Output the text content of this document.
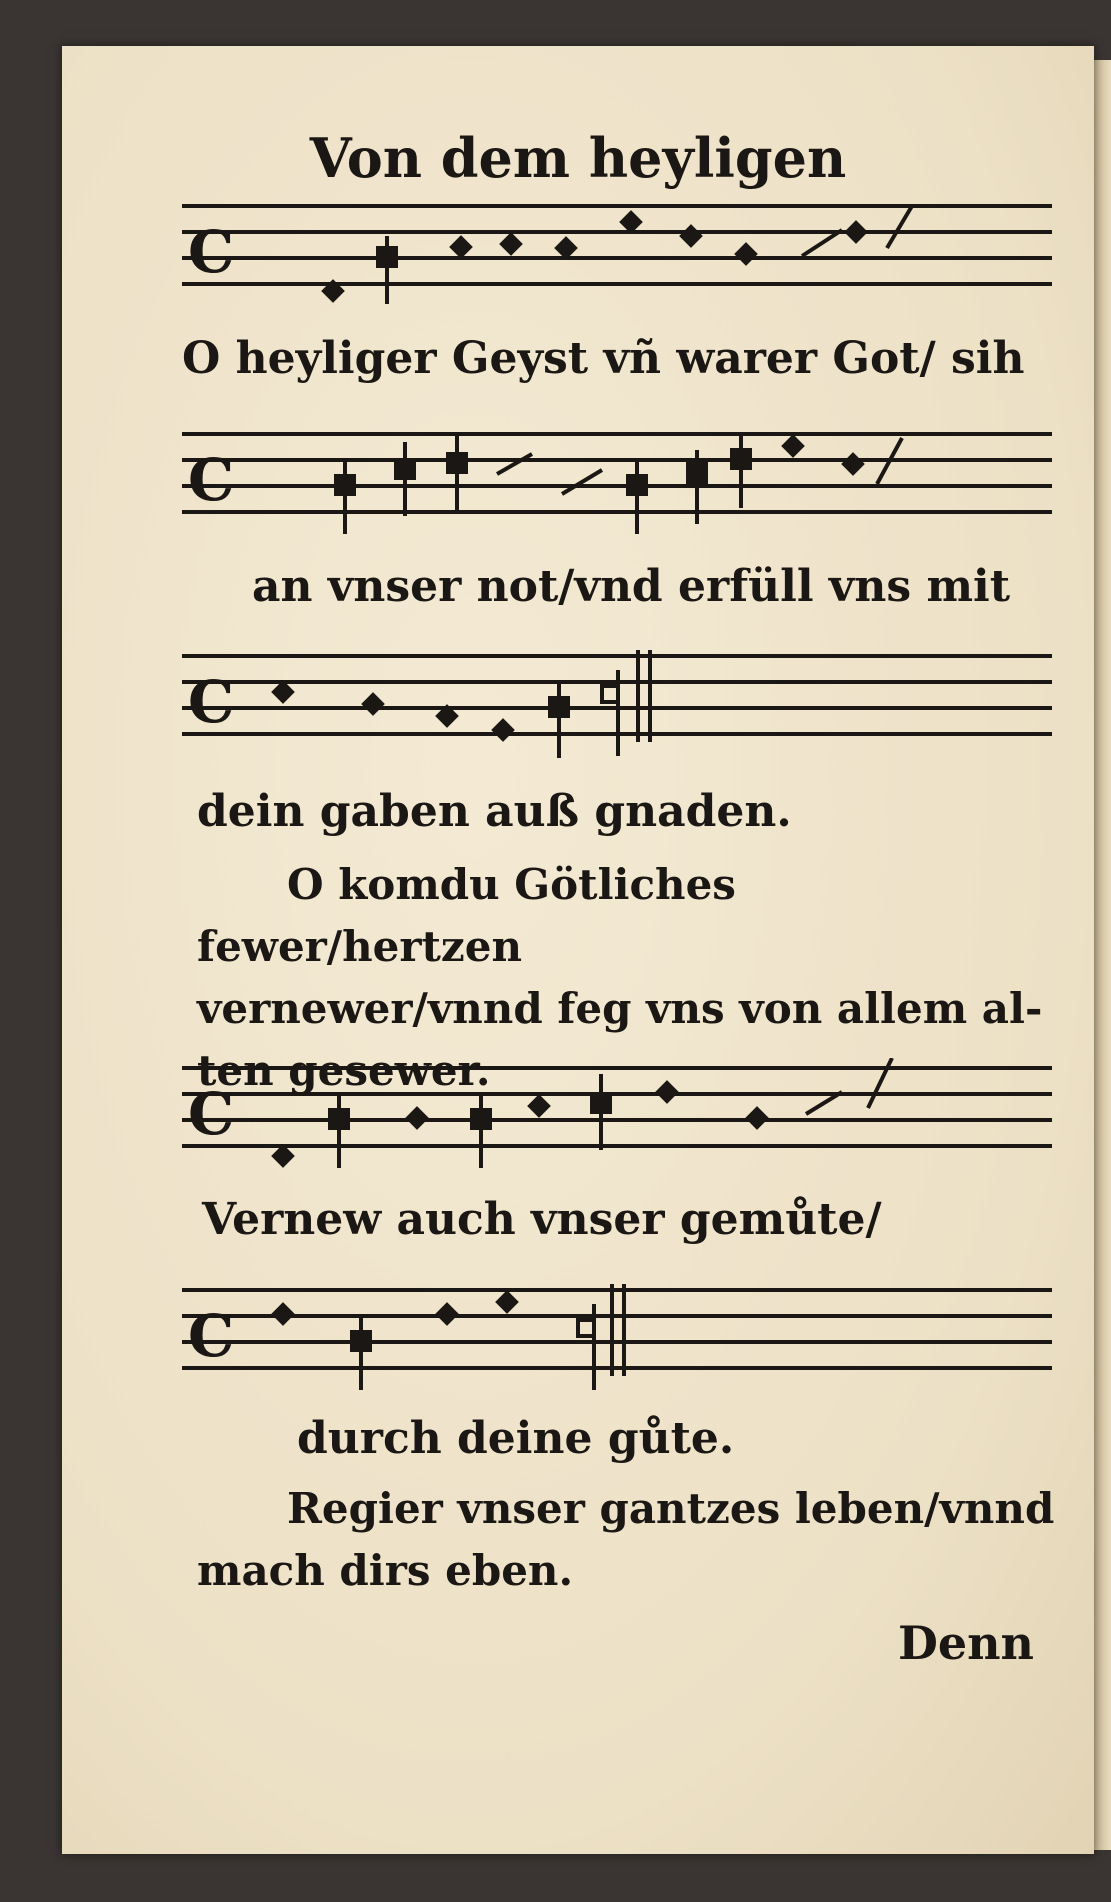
Von dem heyligen
C
O heyliger Geyst vñ warer Got/ sih
C
an vnser not/vnd erfüll vns mit
C
dein gaben auß gnaden.

O komdu Götliches fewer/hertzen

vernewer/vnnd feg vns von allem al-

ten gesewer.

C
Vernew auch vnser gemůte/
C
durch deine gůte.

Regier vnser gantzes leben/vnnd

mach dirs eben.

Denn
